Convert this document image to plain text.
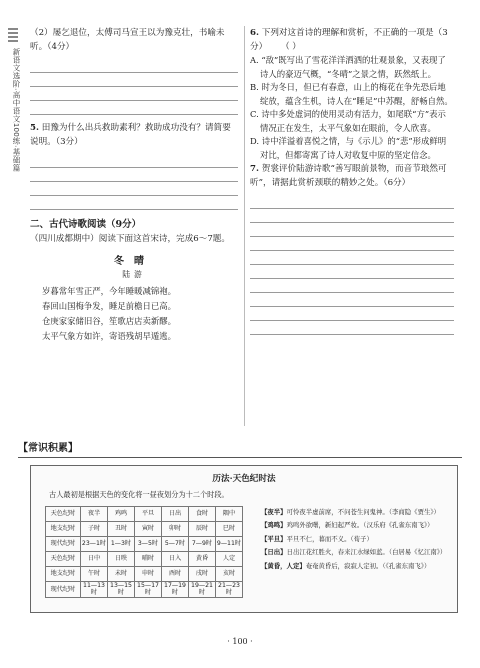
新语文选阶·高中语文100练·基础篇

（2）屡乞退位，太傅司马宣王以为豫克壮，书喻未听。（4分）

5. 田豫为什么出兵救助素利？救助成功没有？请简要说明。（3分）

二、古代诗歌阅读（9分）

（四川成都期中）阅读下面这首宋诗，完成6～7题。

冬晴
陆游
岁暮常年雪正严，今年睡暖减锦袍。
春回山国梅争发，睡足前檐日已高。
仓庚家家储旧谷，笙歌店店卖新醪。
太平气象方如许，寄语残胡早遁逃。

6. 下列对这首诗的理解和赏析，不正确的一项是（3分） （ ）

A. “敌”既写出了雪花洋洋洒洒的壮观景象，又表现了诗人的豪迈气概，“冬晴”之景之情，跃然纸上。

B. 时为冬日，但已有春意，山上的梅花在争先恐后地绽放，蕴含生机，诗人在“睡足”中苏醒，舒畅自然。

C. 诗中多处虚词的使用灵动有活力，如尾联“方”表示情况正在发生，太平气象如在眼前，令人欣喜。

D. 诗中洋溢着喜悦之情，与《示儿》的“悲”形成鲜明对比，但都寄寓了诗人对收复中原的坚定信念。

7. 贺裳评价陆游诗歌“善写眼前景物，而音节琅然可听”，请据此赏析颈联的精妙之处。（6分）

【常识积累】
历法·天色纪时法
古人最初是根据天色的变化将一昼夜划分为十二个时段。
天色纪时	夜半	鸡鸣	平旦	日出	食时	隅中
地支纪时	子时	丑时	寅时	卯时	辰时	巳时
现代纪时	23—1时	1—3时	3—5时	5—7时	7—9时	9—11时
天色纪时	日中	日昳	晡时	日入	黄昏	人定
地支纪时	午时	未时	申时	酉时	戌时	亥时
现代纪时	11—13时	13—15时	15—17时	17—19时	19—21时	21—23时
【夜半】可怜夜半虚前席，不问苍生问鬼神。（李商隐《贾生》）
【鸡鸣】鸡鸣外欲曙，新妇起严妆。（汉乐府《孔雀东南飞》）
【平旦】平旦不仁，暮而不义。（荀子）
【日出】日出江花红胜火，春来江水绿如蓝。（白居易《忆江南》）
【黄昏，人定】奄奄黄昏后，寂寂人定初。（《孔雀东南飞》）
· 100 ·
